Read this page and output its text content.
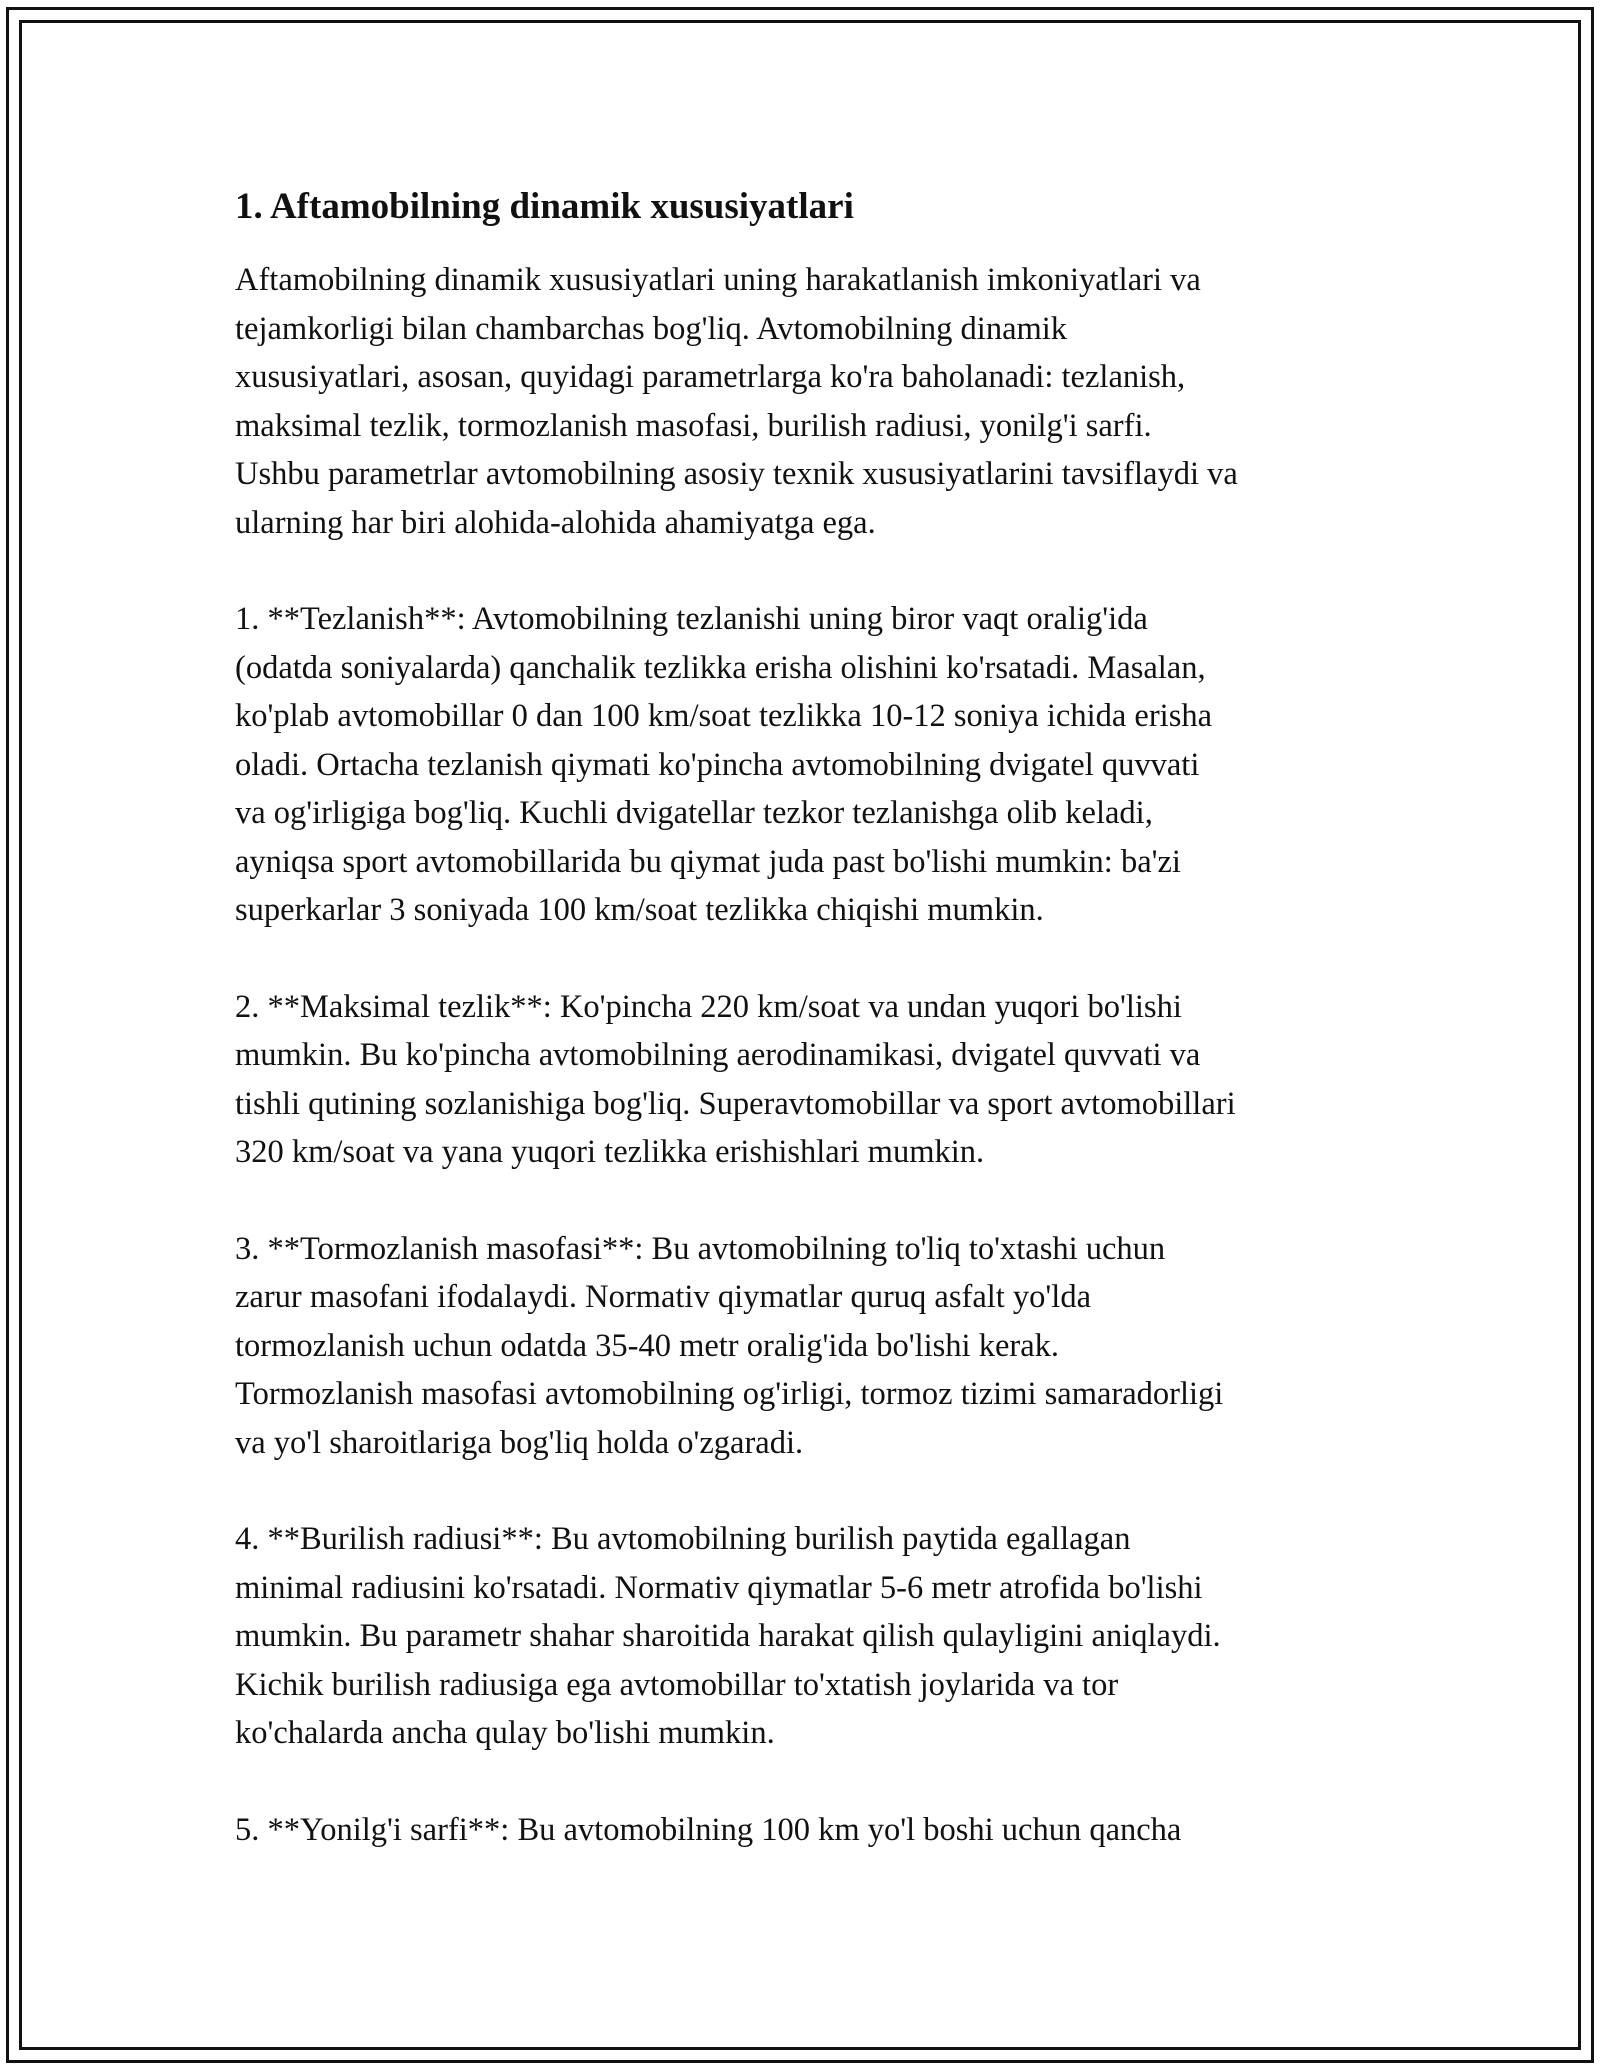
1. Aftamobilning dinamik xususiyatlari

Aftamobilning dinamik xususiyatlari uning harakatlanish imkoniyatlari va
tejamkorligi bilan chambarchas bog'liq. Avtomobilning dinamik
xususiyatlari, asosan, quyidagi parametrlarga ko'ra baholanadi: tezlanish,
maksimal tezlik, tormozlanish masofasi, burilish radiusi, yonilg'i sarfi.
Ushbu parametrlar avtomobilning asosiy texnik xususiyatlarini tavsiflaydi va
ularning har biri alohida-alohida ahamiyatga ega.

1. **Tezlanish**: Avtomobilning tezlanishi uning biror vaqt oralig'ida
(odatda soniyalarda) qanchalik tezlikka erisha olishini ko'rsatadi. Masalan,
ko'plab avtomobillar 0 dan 100 km/soat tezlikka 10-12 soniya ichida erisha
oladi. Ortacha tezlanish qiymati ko'pincha avtomobilning dvigatel quvvati
va og'irligiga bog'liq. Kuchli dvigatellar tezkor tezlanishga olib keladi,
ayniqsa sport avtomobillarida bu qiymat juda past bo'lishi mumkin: ba'zi
superkarlar 3 soniyada 100 km/soat tezlikka chiqishi mumkin.

2. **Maksimal tezlik**: Ko'pincha 220 km/soat va undan yuqori bo'lishi
mumkin. Bu ko'pincha avtomobilning aerodinamikasi, dvigatel quvvati va
tishli qutining sozlanishiga bog'liq. Superavtomobillar va sport avtomobillari
320 km/soat va yana yuqori tezlikka erishishlari mumkin.

3. **Tormozlanish masofasi**: Bu avtomobilning to'liq to'xtashi uchun
zarur masofani ifodalaydi. Normativ qiymatlar quruq asfalt yo'lda
tormozlanish uchun odatda 35-40 metr oralig'ida bo'lishi kerak.
Tormozlanish masofasi avtomobilning og'irligi, tormoz tizimi samaradorligi
va yo'l sharoitlariga bog'liq holda o'zgaradi.

4. **Burilish radiusi**: Bu avtomobilning burilish paytida egallagan
minimal radiusini ko'rsatadi. Normativ qiymatlar 5-6 metr atrofida bo'lishi
mumkin. Bu parametr shahar sharoitida harakat qilish qulayligini aniqlaydi.
Kichik burilish radiusiga ega avtomobillar to'xtatish joylarida va tor
ko'chalarda ancha qulay bo'lishi mumkin.

5. **Yonilg'i sarfi**: Bu avtomobilning 100 km yo'l boshi uchun qancha
